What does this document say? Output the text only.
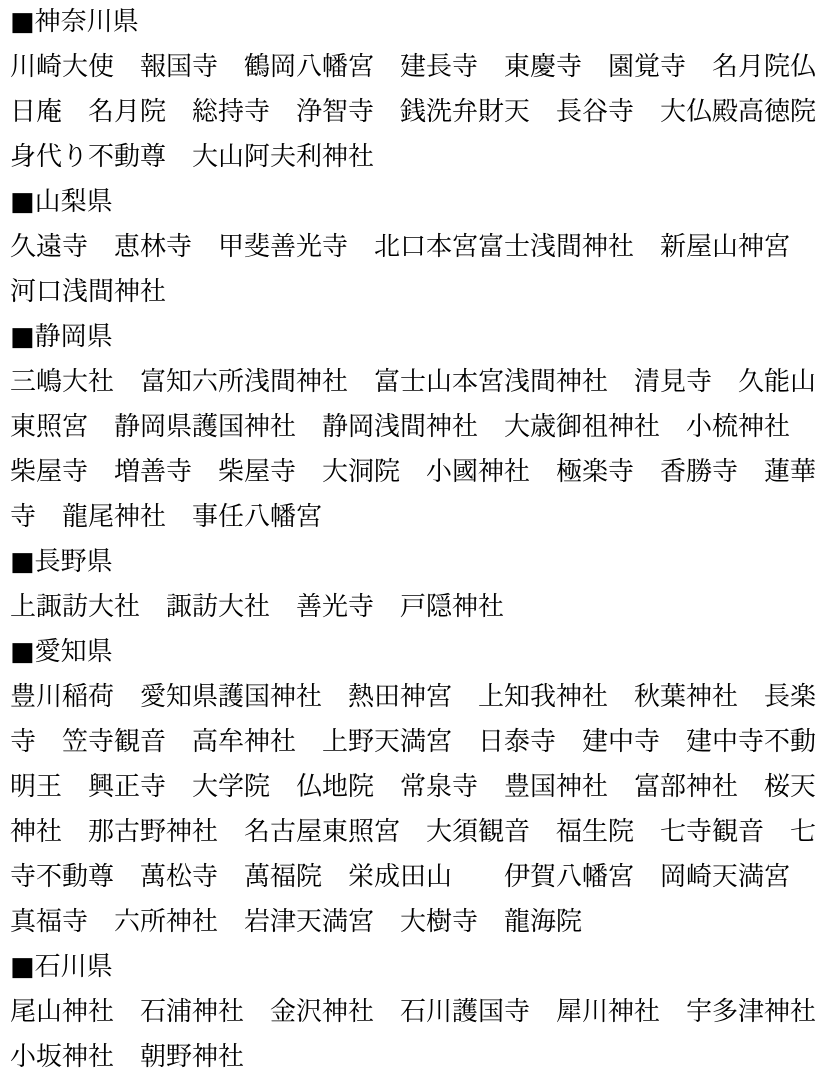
■神奈川県
川崎大使　報国寺　鶴岡八幡宮　建長寺　東慶寺　園覚寺　名月院仏
日庵　名月院　総持寺　浄智寺　銭洗弁財天　長谷寺　大仏殿高徳院
身代り不動尊　大山阿夫利神社
■山梨県
久遠寺　恵林寺　甲斐善光寺　北口本宮富士浅間神社　新屋山神宮
河口浅間神社
■静岡県
三嶋大社　富知六所浅間神社　富士山本宮浅間神社　清見寺　久能山
東照宮　静岡県護国神社　静岡浅間神社　大歳御祖神社　小梳神社
柴屋寺　増善寺　柴屋寺　大洞院　小國神社　極楽寺　香勝寺　蓮華
寺　龍尾神社　事任八幡宮
■長野県
上諏訪大社　諏訪大社　善光寺　戸隠神社
■愛知県
豊川稲荷　愛知県護国神社　熱田神宮　上知我神社　秋葉神社　長楽
寺　笠寺観音　高牟神社　上野天満宮　日泰寺　建中寺　建中寺不動
明王　興正寺　大学院　仏地院　常泉寺　豊国神社　富部神社　桜天
神社　那古野神社　名古屋東照宮　大須観音　福生院　七寺観音　七
寺不動尊　萬松寺　萬福院　栄成田山　　伊賀八幡宮　岡崎天満宮
真福寺　六所神社　岩津天満宮　大樹寺　龍海院
■石川県
尾山神社　石浦神社　金沢神社　石川護国寺　犀川神社　宇多津神社
小坂神社　朝野神社
